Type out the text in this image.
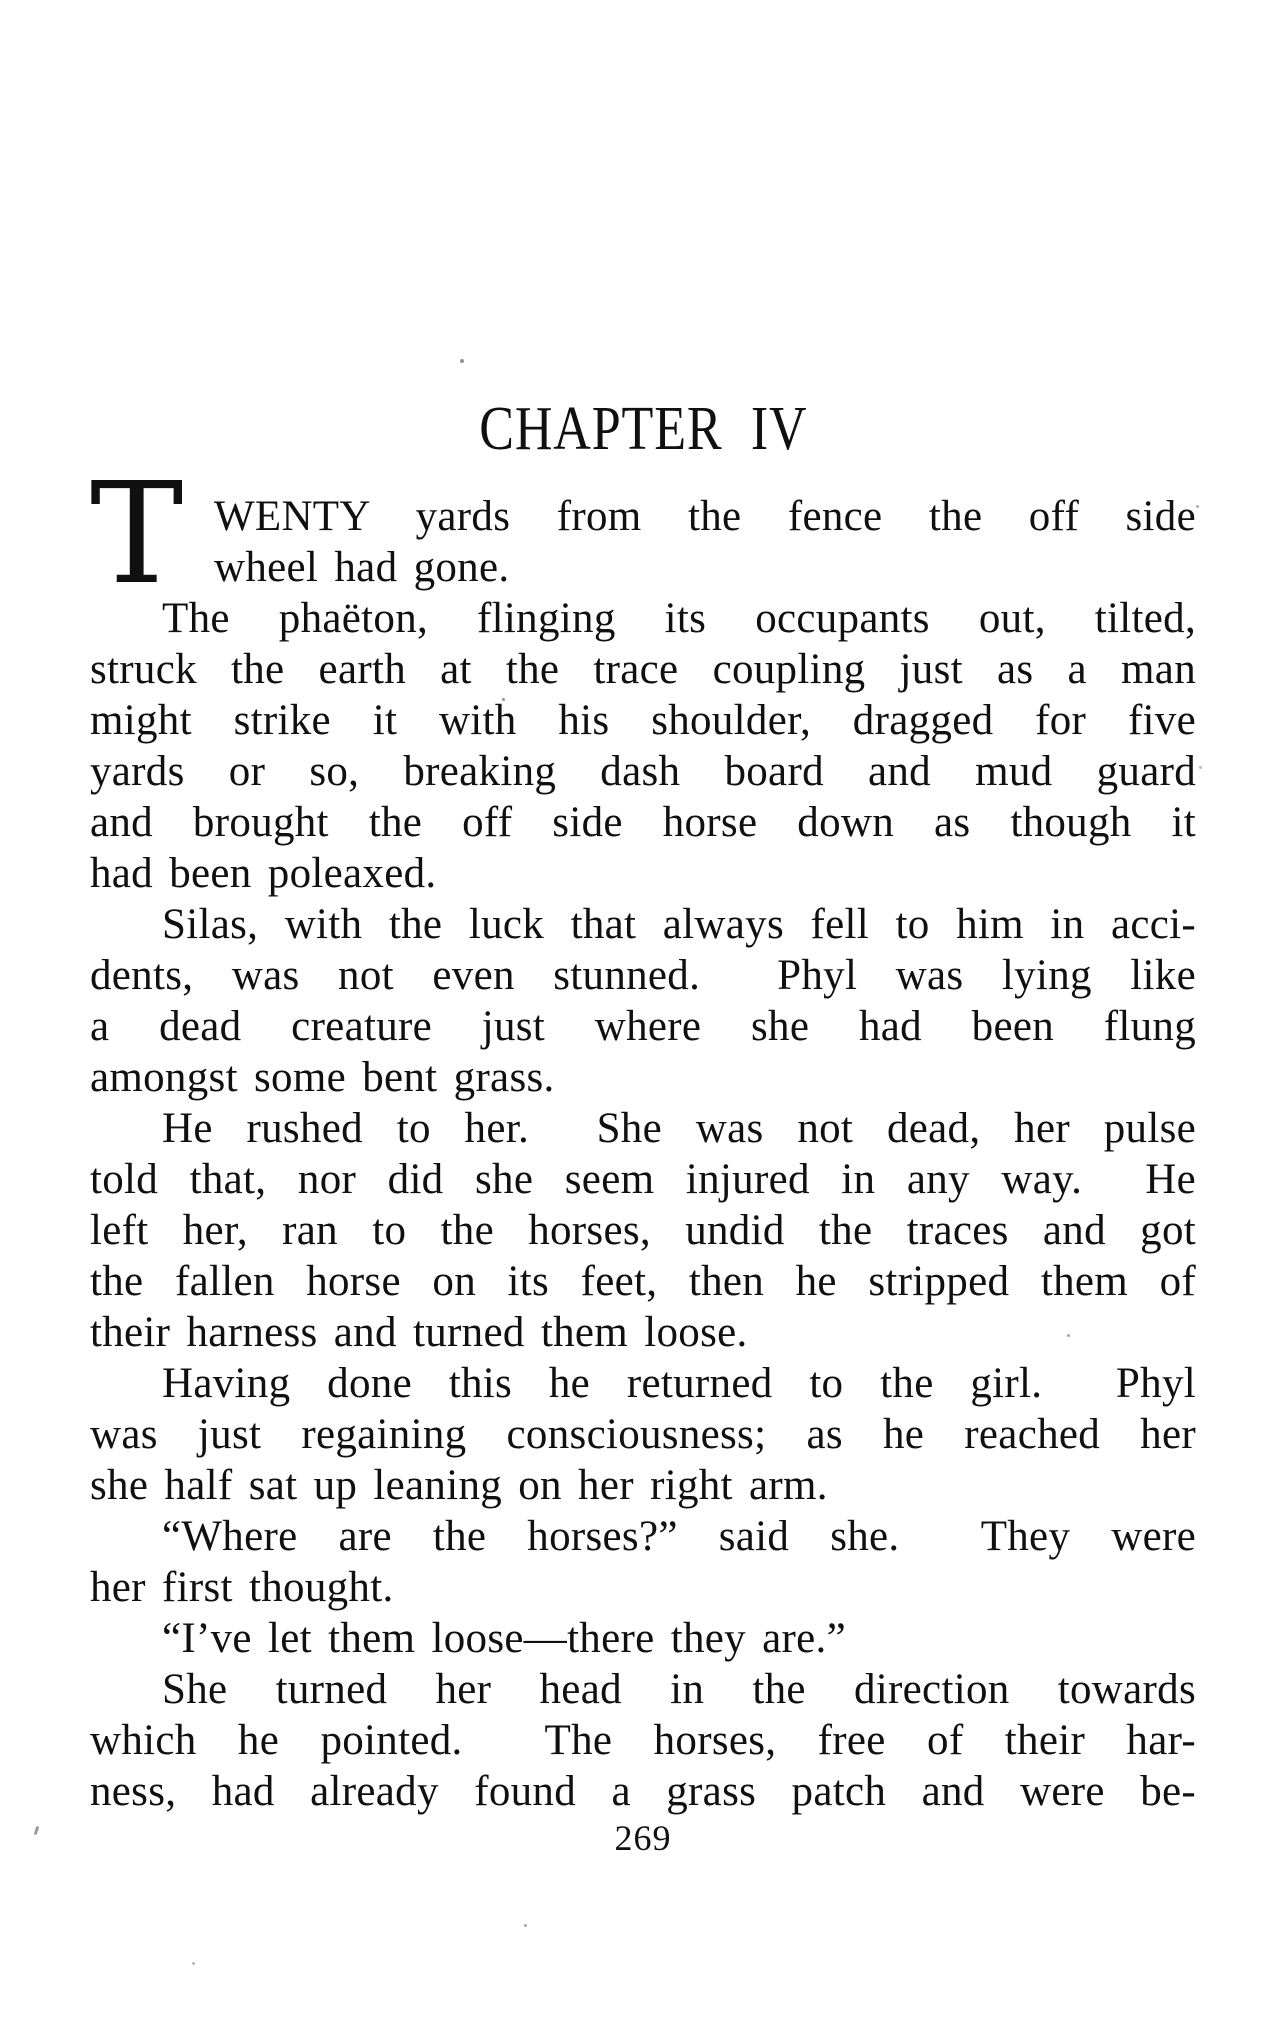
CHAPTER IV
T WENTY yards from the fence the off side
wheel had gone.
The phaëton, flinging its occupants out, tilted,
struck the earth at the trace coupling just as a man
might strike it with his shoulder, dragged for five
yards or so, breaking dash board and mud guard
and brought the off side horse down as though it
had been poleaxed.
Silas, with the luck that always fell to him in acci-
dents, was not even stunned.  Phyl was lying like
a dead creature just where she had been flung
amongst some bent grass.
He rushed to her.  She was not dead, her pulse
told that, nor did she seem injured in any way.  He
left her, ran to the horses, undid the traces and got
the fallen horse on its feet, then he stripped them of
their harness and turned them loose.
Having done this he returned to the girl.  Phyl
was just regaining consciousness; as he reached her
she half sat up leaning on her right arm.
“Where are the horses?” said she.  They were
her first thought.
“I’ve let them loose—there they are.”
She turned her head in the direction towards
which he pointed.  The horses, free of their har-
ness, had already found a grass patch and were be-
269
